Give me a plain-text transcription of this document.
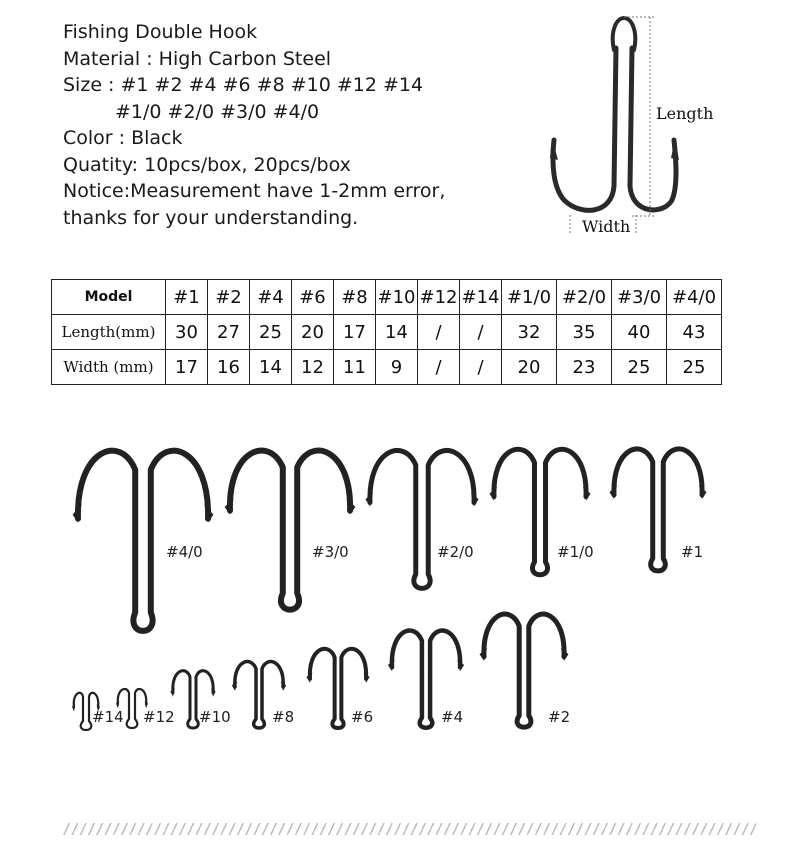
Fishing Double Hook
Material : High Carbon Steel
Size : #1 #2 #4 #6 #8 #10 #12 #14
#1/0 #2/0 #3/0 #4/0
Color : Black
Quatity: 10pcs/box, 20pcs/box
Notice:Measurement have 1-2mm error,
thanks for your understanding.
Length
Width
Model	#1	#2	#4	#6	#8	#10	#12	#14	#1/0	#2/0	#3/0	#4/0
Length(mm)	30	27	25	20	17	14	/	/	32	35	40	43
Width (mm)	17	16	14	12	11	9	/	/	20	23	25	25
#4/0	#3/0	#2/0	#1/0	#1
#14 #12 #10	#8	#6	#4	#2
